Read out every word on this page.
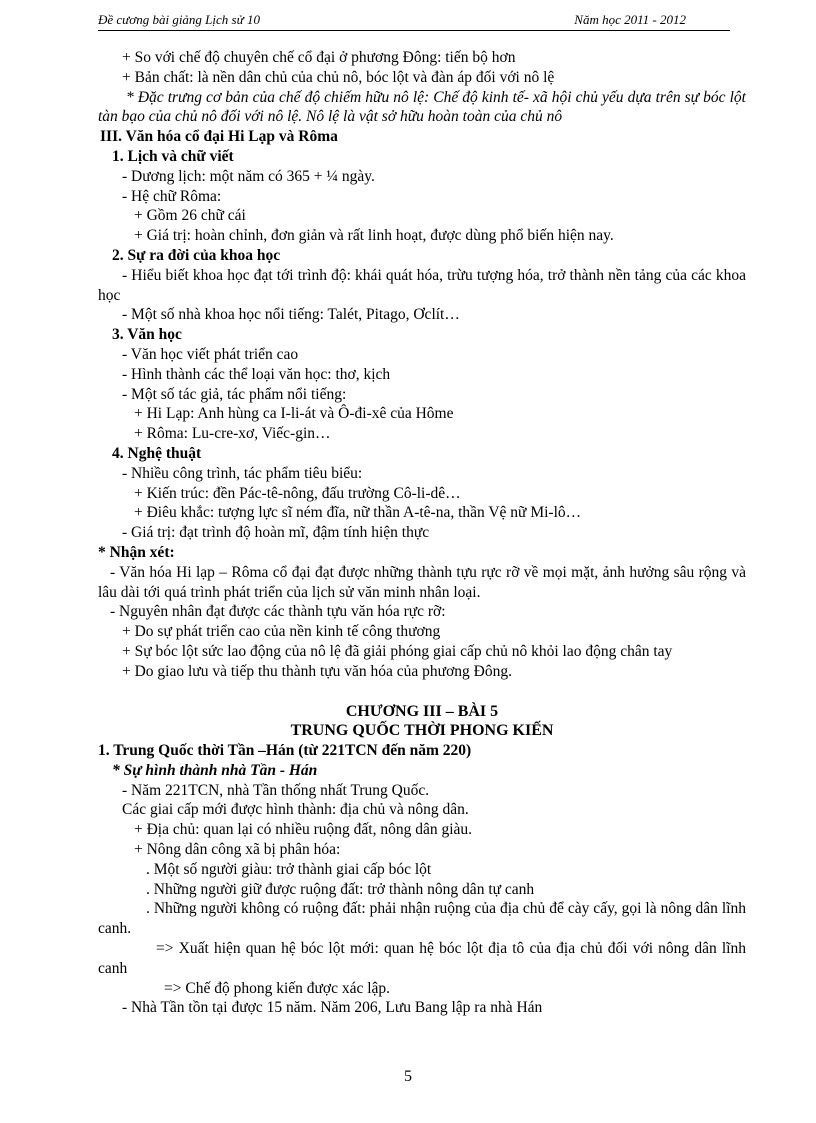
Đề cương bài giảng Lịch sử 10	Năm học 2011 - 2012
+ So với chế độ chuyên chế cổ đại ở phương Đông: tiến bộ hơn
+ Bản chất: là nền dân chủ của chủ nô, bóc lột và đàn áp đối với nô lệ
* Đặc trưng cơ bản của chế độ chiếm hữu nô lệ: Chế độ kinh tế- xã hội chủ yếu dựa trên sự bóc lột tàn bạo của chủ nô đối với nô lệ. Nô lệ là vật sở hữu hoàn toàn của chủ nô
III. Văn hóa cổ đại Hi Lạp và Rôma
1. Lịch và chữ viết
- Dương lịch: một năm có 365 + ¼ ngày.
- Hệ chữ Rôma:
+ Gồm 26 chữ cái
+ Giá trị: hoàn chỉnh, đơn giản và rất linh hoạt, được dùng phổ biến hiện nay.
2. Sự ra đời của khoa học
- Hiểu biết khoa học đạt tới trình độ: khái quát hóa, trừu tượng hóa, trở thành nền tảng của các khoa học
- Một số nhà khoa học nổi tiếng: Talét, Pitago, Ơclít…
3. Văn học
- Văn học viết phát triển cao
- Hình thành các thể loại văn học: thơ, kịch
- Một số tác giả, tác phẩm nổi tiếng:
+ Hi Lạp: Anh hùng ca I-li-át và Ô-đi-xê của Hôme
+ Rôma: Lu-cre-xơ, Viếc-gin…
4. Nghệ thuật
- Nhiều công trình, tác phẩm tiêu biểu:
+ Kiến trúc: đền Pác-tê-nông, đấu trường Cô-li-dê…
+ Điêu khắc: tượng lực sĩ ném đĩa, nữ thần A-tê-na, thần Vệ nữ Mi-lô…
- Giá trị: đạt trình độ hoàn mĩ, đậm tính hiện thực
* Nhận xét:
- Văn hóa Hi lạp – Rôma cổ đại đạt được những thành tựu rực rỡ về mọi mặt, ảnh hưởng sâu rộng và lâu dài tới quá trình phát triển của lịch sử văn minh nhân loại.
- Nguyên nhân đạt được các thành tựu văn hóa rực rỡ:
+ Do sự phát triển cao của nền kinh tế công thương
+ Sự bóc lột sức lao động của nô lệ đã giải phóng giai cấp chủ nô khỏi lao động chân tay
+ Do giao lưu và tiếp thu thành tựu văn hóa của phương Đông.
CHƯƠNG III – BÀI 5
TRUNG QUỐC THỜI PHONG KIẾN
1. Trung Quốc thời Tần –Hán (từ 221TCN đến năm 220)
* Sự hình thành nhà Tần - Hán
- Năm 221TCN, nhà Tần thống nhất Trung Quốc.
Các giai cấp mới được hình thành: địa chủ và nông dân.
+ Địa chủ: quan lại có nhiều ruộng đất, nông dân giàu.
+ Nông dân công xã bị phân hóa:
. Một số người giàu: trở thành giai cấp bóc lột
. Những người giữ được ruộng đất: trở thành nông dân tự canh
. Những người không có ruộng đất: phải nhận ruộng của địa chủ để cày cấy, gọi là nông dân lĩnh canh.
=> Xuất hiện quan hệ bóc lột mới: quan hệ bóc lột địa tô của địa chủ đối với nông dân lĩnh canh
=> Chế độ phong kiến được xác lập.
- Nhà Tần tồn tại được 15 năm. Năm 206, Lưu Bang lập ra nhà Hán
5
